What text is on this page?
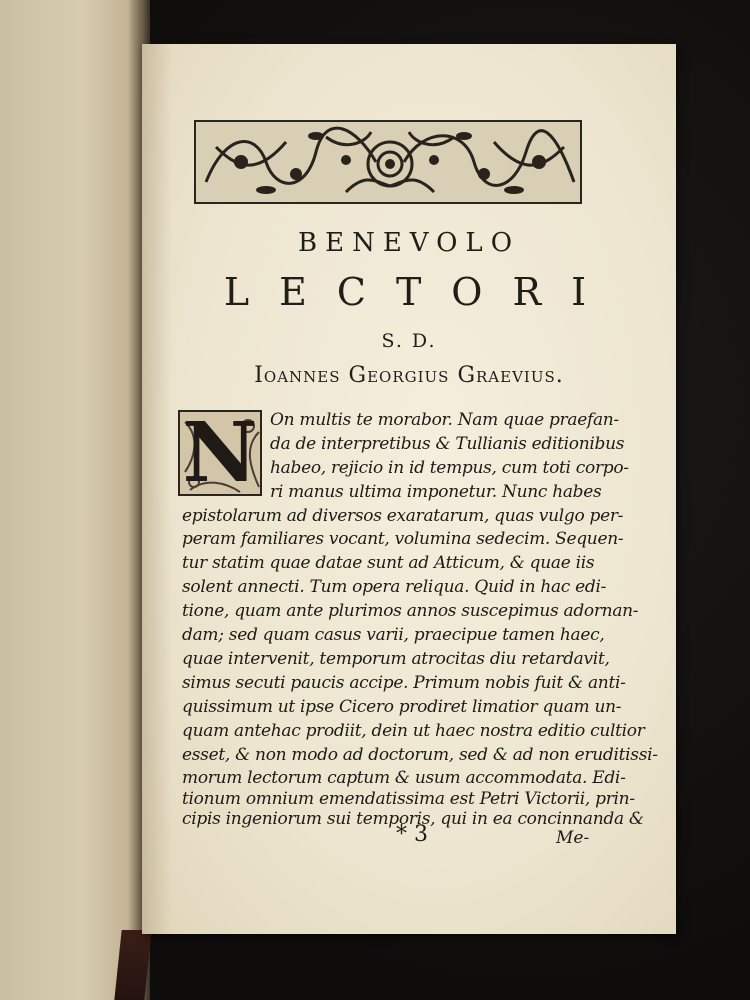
BENEVOLO
LECTORI
S. D.
Ioannes Georgius Graevius.
N On multis te morabor. Nam quae praefan-
da de interpretibus & Tullianis editionibus
habeo, rejicio in id tempus, cum toti corpo-
ri manus ultima imponetur. Nunc habes
epistolarum ad diversos exaratarum, quas vulgo per-
peram familiares vocant, volumina sedecim. Sequen-
tur statim quae datae sunt ad Atticum, & quae iis
solent annecti. Tum opera reliqua. Quid in hac edi-
tione, quam ante plurimos annos suscepimus adornan-
dam; sed quam casus varii, praecipue tamen haec,
quae intervenit, temporum atrocitas diu retardavit,
simus secuti paucis accipe. Primum nobis fuit & anti-
quissimum ut ipse Cicero prodiret limatior quam un-
quam antehac prodiit, dein ut haec nostra editio cultior
esset, & non modo ad doctorum, sed & ad non eruditissi-
morum lectorum captum & usum accommodata. Edi-
tionum omnium emendatissima est Petri Victorii, prin-
cipis ingeniorum sui temporis, qui in ea concinnanda &
* 3	Me-
